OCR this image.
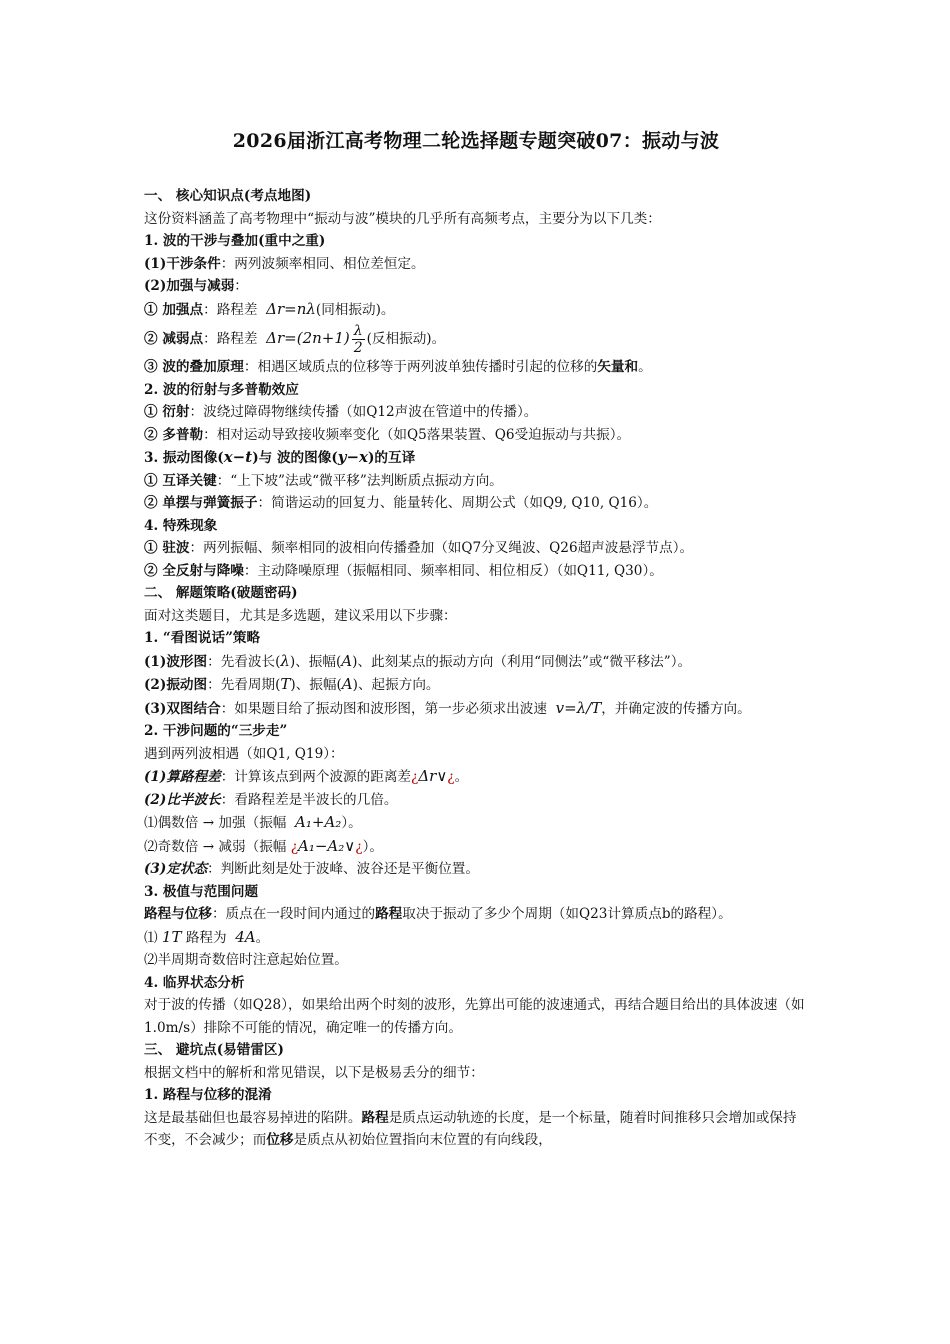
2026届浙江高考物理二轮选择题专题突破07：振动与波
一、 核心知识点(考点地图)
这份资料涵盖了高考物理中“振动与波”模块的几乎所有高频考点，主要分为以下几类：
1. 波的干涉与叠加(重中之重)
(1)干涉条件：两列波频率相同、相位差恒定。
(2)加强与减弱：
① 加强点：路程差 Δr=nλ(同相振动)。
② 减弱点：路程差 $\Delta r=(2n+1) \frac{\lambda}{2}$ (反相振动)。
③ 波的叠加原理：相遇区域质点的位移等于两列波单独传播时引起的位移的矢量和。
2. 波的衍射与多普勒效应
① 衍射：波绕过障碍物继续传播（如Q12声波在管道中的传播）。
② 多普勒：相对运动导致接收频率变化（如Q5落果装置、Q6受迫振动与共振）。
3. 振动图像(x−t)与 波的图像(y−x)的互译
① 互译关键：“上下坡”法或“微平移”法判断质点振动方向。
② 单摆与弹簧振子：简谐运动的回复力、能量转化、周期公式（如Q9, Q10, Q16）。
4. 特殊现象
① 驻波：两列振幅、频率相同的波相向传播叠加（如Q7分叉绳波、Q26超声波悬浮节点）。
② 全反射与降噪：主动降噪原理（振幅相同、频率相同、相位相反）（如Q11, Q30）。
二、 解题策略(破题密码)
面对这类题目，尤其是多选题，建议采用以下步骤：
1. “看图说话”策略
(1)波形图：先看波长(λ)、振幅(A)、此刻某点的振动方向（利用“同侧法”或“微平移法”）。
(2)振动图：先看周期(T)、振幅(A)、起振方向。
(3)双图结合：如果题目给了振动图和波形图，第一步必须求出波速 v=λ/T，并确定波的传播方向。
2. 干涉问题的“三步走”
遇到两列波相遇（如Q1, Q19）：
(1)算路程差：计算该点到两个波源的距离差¿Δr∨¿。
(2)比半波长：看路程差是半波长的几倍。
⑴偶数倍 → 加强（振幅 A₁+A₂）。
⑵奇数倍 → 减弱（振幅 ¿A₁−A₂∨¿）。
(3)定状态：判断此刻是处于波峰、波谷还是平衡位置。
3. 极值与范围问题
路程与位移：质点在一段时间内通过的路程取决于振动了多少个周期（如Q23计算质点b的路程）。
⑴ 1T 路程为 4A。
⑵半周期奇数倍时注意起始位置。
4. 临界状态分析
对于波的传播（如Q28），如果给出两个时刻的波形，先算出可能的波速通式，再结合题目给出的具体波速（如1.0m/s）排除不可能的情况，确定唯一的传播方向。
三、 避坑点(易错雷区)
根据文档中的解析和常见错误，以下是极易丢分的细节：
1. 路程与位移的混淆
这是最基础但也最容易掉进的陷阱。路程是质点运动轨迹的长度，是一个标量，随着时间推移只会增加或保持不变，不会减少；而位移是质点从初始位置指向末位置的有向线段，
